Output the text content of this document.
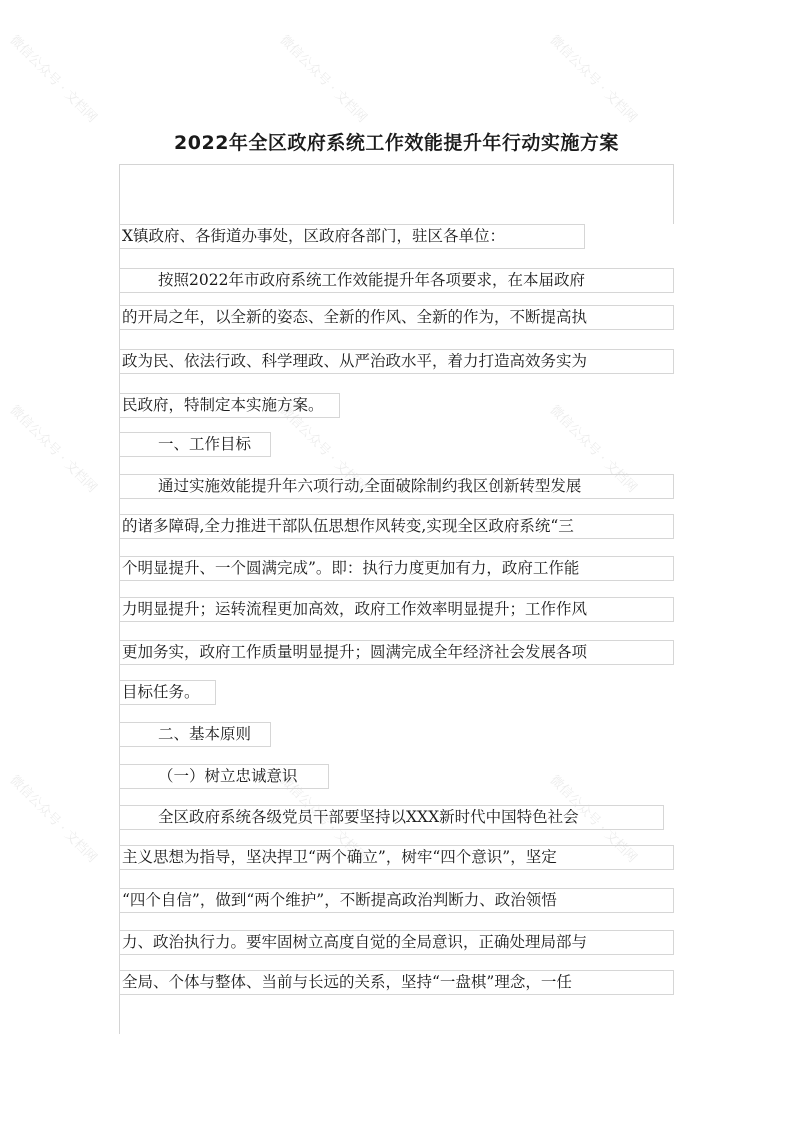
微信公众号 · 文档网	微信公众号 · 文档网	微信公众号 · 文档网
微信公众号 · 文档网	微信公众号 · 文档网	微信公众号 · 文档网
微信公众号 · 文档网	微信公众号 · 文档网	微信公众号 · 文档网
2022年全区政府系统工作效能提升年行动实施方案
X镇政府、各街道办事处，区政府各部门，驻区各单位：
按照2022年市政府系统工作效能提升年各项要求，在本届政府
的开局之年，以全新的姿态、全新的作风、全新的作为，不断提高执
政为民、依法行政、科学理政、从严治政水平，着力打造高效务实为
民政府，特制定本实施方案。
一、工作目标
通过实施效能提升年六项行动,全面破除制约我区创新转型发展
的诸多障碍,全力推进干部队伍思想作风转变,实现全区政府系统“三
个明显提升、一个圆满完成”。即：执行力度更加有力，政府工作能
力明显提升；运转流程更加高效，政府工作效率明显提升；工作作风
更加务实，政府工作质量明显提升；圆满完成全年经济社会发展各项
目标任务。
二、基本原则
（一）树立忠诚意识
全区政府系统各级党员干部要坚持以XXX新时代中国特色社会
主义思想为指导，坚决捍卫“两个确立”，树牢“四个意识”，坚定
“四个自信”，做到“两个维护”，不断提高政治判断力、政治领悟
力、政治执行力。要牢固树立高度自觉的全局意识，正确处理局部与
全局、个体与整体、当前与长远的关系，坚持“一盘棋”理念，一任
